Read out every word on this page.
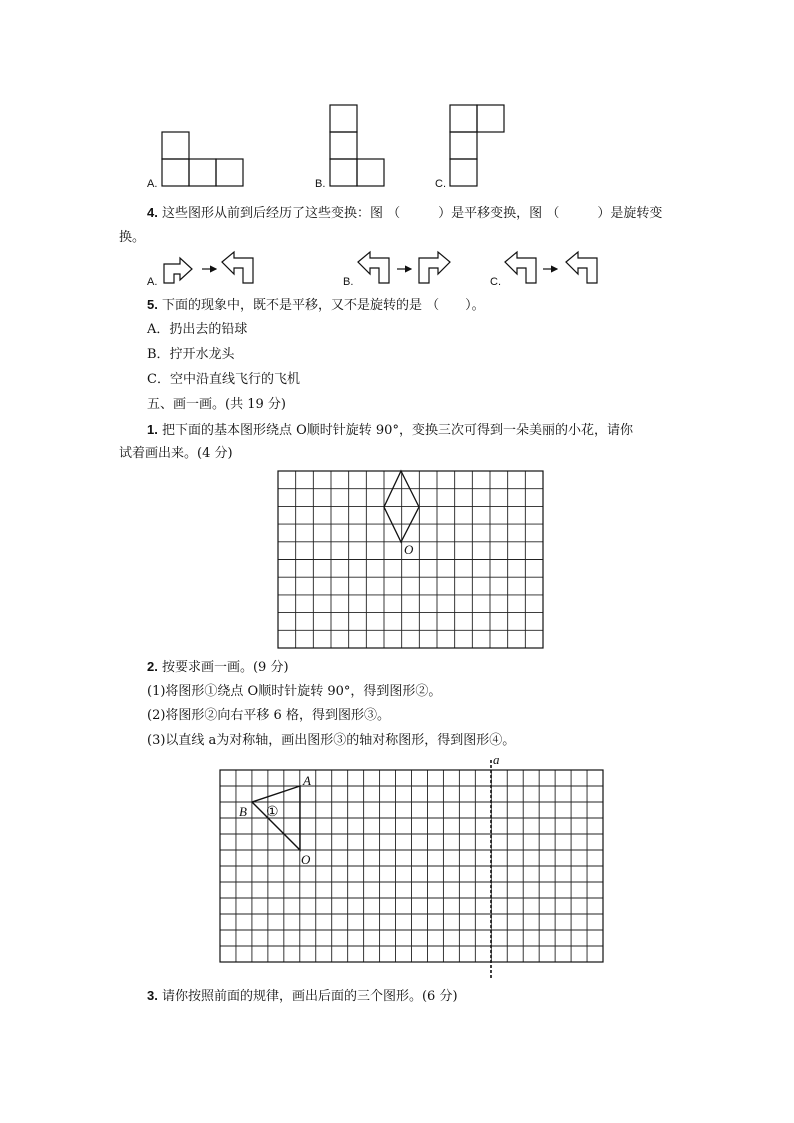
A.	B.	C.
4. 这些图形从前到后经历了这些变换：图 （	）是平移变换，图 （	）是旋转变
换。
A.	B.	C.
5. 下面的现象中，既不是平移，又不是旋转的是 （　　）。
A．扔出去的铅球
B．拧开水龙头
C．空中沿直线飞行的飞机
五、画一画。(共 19 分)
1. 把下面的基本图形绕点 O顺时针旋转 90°，变换三次可得到一朵美丽的小花，请你
试着画出来。(4 分)
O
2. 按要求画一画。(9 分)
(1)将图形①绕点 O顺时针旋转 90°，得到图形②。
(2)将图形②向右平移 6 格，得到图形③。
(3)以直线 a为对称轴，画出图形③的轴对称图形，得到图形④。
a
A
B ①
O
3. 请你按照前面的规律，画出后面的三个图形。(6 分)
